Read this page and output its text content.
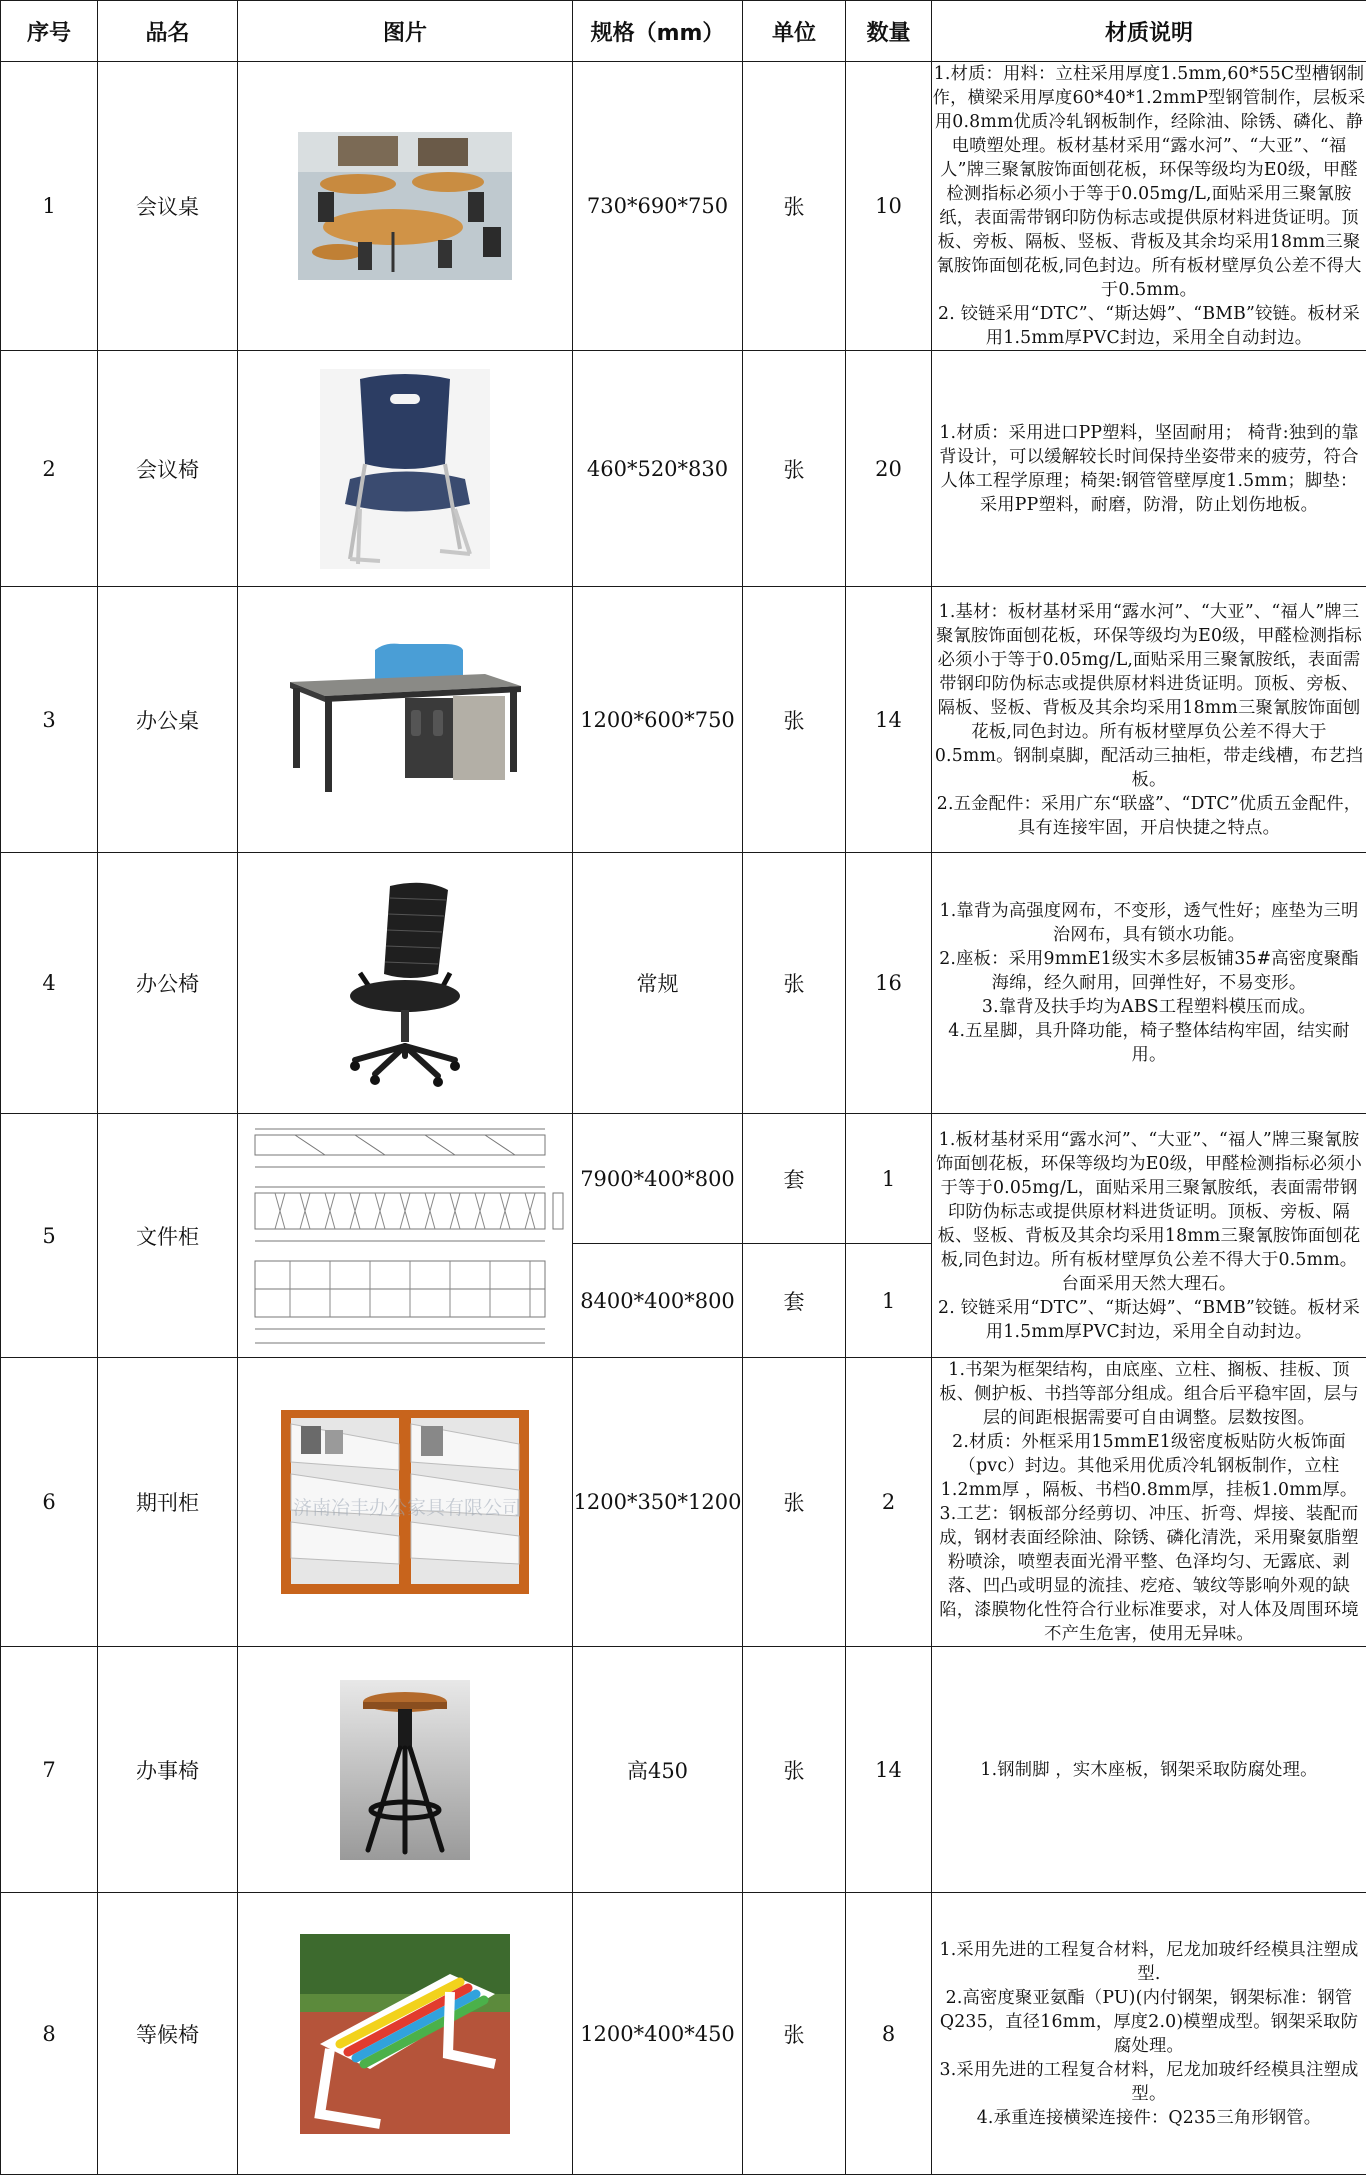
序号	品名	图片	规格（mm）	单位	数量	材质说明
1	会议桌		730*690*750	张	10	1.材质：用料：立柱采用厚度1.5mm,60*55C型槽钢制作，横梁采用厚度60*40*1.2mmP型钢管制作，层板采用0.8mm优质冷轧钢板制作，经除油、除锈、磷化、静电喷塑处理。板材基材采用“露水河”、“大亚”、“福人”牌三聚氰胺饰面刨花板，环保等级均为E0级，甲醛检测指标必须小于等于0.05mg/L,面贴采用三聚氰胺纸，表面需带钢印防伪标志或提供原材料进货证明。顶板、旁板、隔板、竖板、背板及其余均采用18mm三聚氰胺饰面刨花板,同色封边。所有板材壁厚负公差不得大于0.5mm。
2. 铰链采用“DTC”、“斯达姆”、“BMB”铰链。板材采用1.5mm厚PVC封边，采用全自动封边。

2	会议椅		460*520*830	张	20	1.材质：采用进口PP塑料，坚固耐用； 椅背:独到的靠背设计，可以缓解较长时间保持坐姿带来的疲劳，符合人体工程学原理；椅架:钢管管壁厚度1.5mm；脚垫：采用PP塑料，耐磨，防滑，防止划伤地板。

3	办公桌		1200*600*750	张	14	1.基材：板材基材采用“露水河”、“大亚”、“福人”牌三聚氰胺饰面刨花板，环保等级均为E0级，甲醛检测指标必须小于等于0.05mg/L,面贴采用三聚氰胺纸，表面需带钢印防伪标志或提供原材料进货证明。顶板、旁板、隔板、竖板、背板及其余均采用18mm三聚氰胺饰面刨花板,同色封边。所有板材壁厚负公差不得大于0.5mm。钢制桌脚，配活动三抽柜，带走线槽，布艺挡板。
2.五金配件：采用广东“联盛”、“DTC”优质五金配件，具有连接牢固，开启快捷之特点。

4	办公椅		常规	张	16	1.靠背为高强度网布，不变形，透气性好；座垫为三明治网布，具有锁水功能。
2.座板：采用9mmE1级实木多层板铺35#高密度聚酯海绵，经久耐用，回弹性好，不易变形。
3.靠背及扶手均为ABS工程塑料模压而成。
4.五星脚，具升降功能，椅子整体结构牢固，结实耐用。

5	文件柜		7900*400*800	套	1	1.板材基材采用“露水河”、“大亚”、“福人”牌三聚氰胺饰面刨花板，环保等级均为E0级，甲醛检测指标必须小于等于0.05mg/L，面贴采用三聚氰胺纸，表面需带钢印防伪标志或提供原材料进货证明。顶板、旁板、隔板、竖板、背板及其余均采用18mm三聚氰胺饰面刨花板,同色封边。所有板材壁厚负公差不得大于0.5mm。台面采用天然大理石。
2. 铰链采用“DTC”、“斯达姆”、“BMB”铰链。板材采用1.5mm厚PVC封边，采用全自动封边。

			8400*400*800	套	1	
6	期刊柜	济南冶丰办公家具有限公司	1200*350*1200	张	2	1.书架为框架结构，由底座、立柱、搁板、挂板、顶板、侧护板、书挡等部分组成。组合后平稳牢固，层与层的间距根据需要可自由调整。层数按图。
2.材质：外框采用15mmE1级密度板贴防火板饰面（pvc）封边。其他采用优质冷轧钢板制作，立柱1.2mm厚 ，隔板、书档0.8mm厚，挂板1.0mm厚。
3.工艺：钢板部分经剪切、冲压、折弯、焊接、装配而成，钢材表面经除油、除锈、磷化清洗，采用聚氨脂塑粉喷涂，喷塑表面光滑平整、色泽均匀、无露底、剥落、凹凸或明显的流挂、疙疮、皱纹等影响外观的缺陷，漆膜物化性符合行业标准要求，对人体及周围环境不产生危害，使用无异味。

7	办事椅		高450	张	14	1.钢制脚 ，实木座板，钢架采取防腐处理。

8	等候椅		1200*400*450	张	8	1.采用先进的工程复合材料，尼龙加玻纤经模具注塑成型.
2.高密度聚亚氨酯（PU)(内付钢架，钢架标准：钢管Q235，直径16mm，厚度2.0)模塑成型。钢架采取防腐处理。
3.采用先进的工程复合材料，尼龙加玻纤经模具注塑成型。
4.承重连接横梁连接件：Q235三角形钢管。
